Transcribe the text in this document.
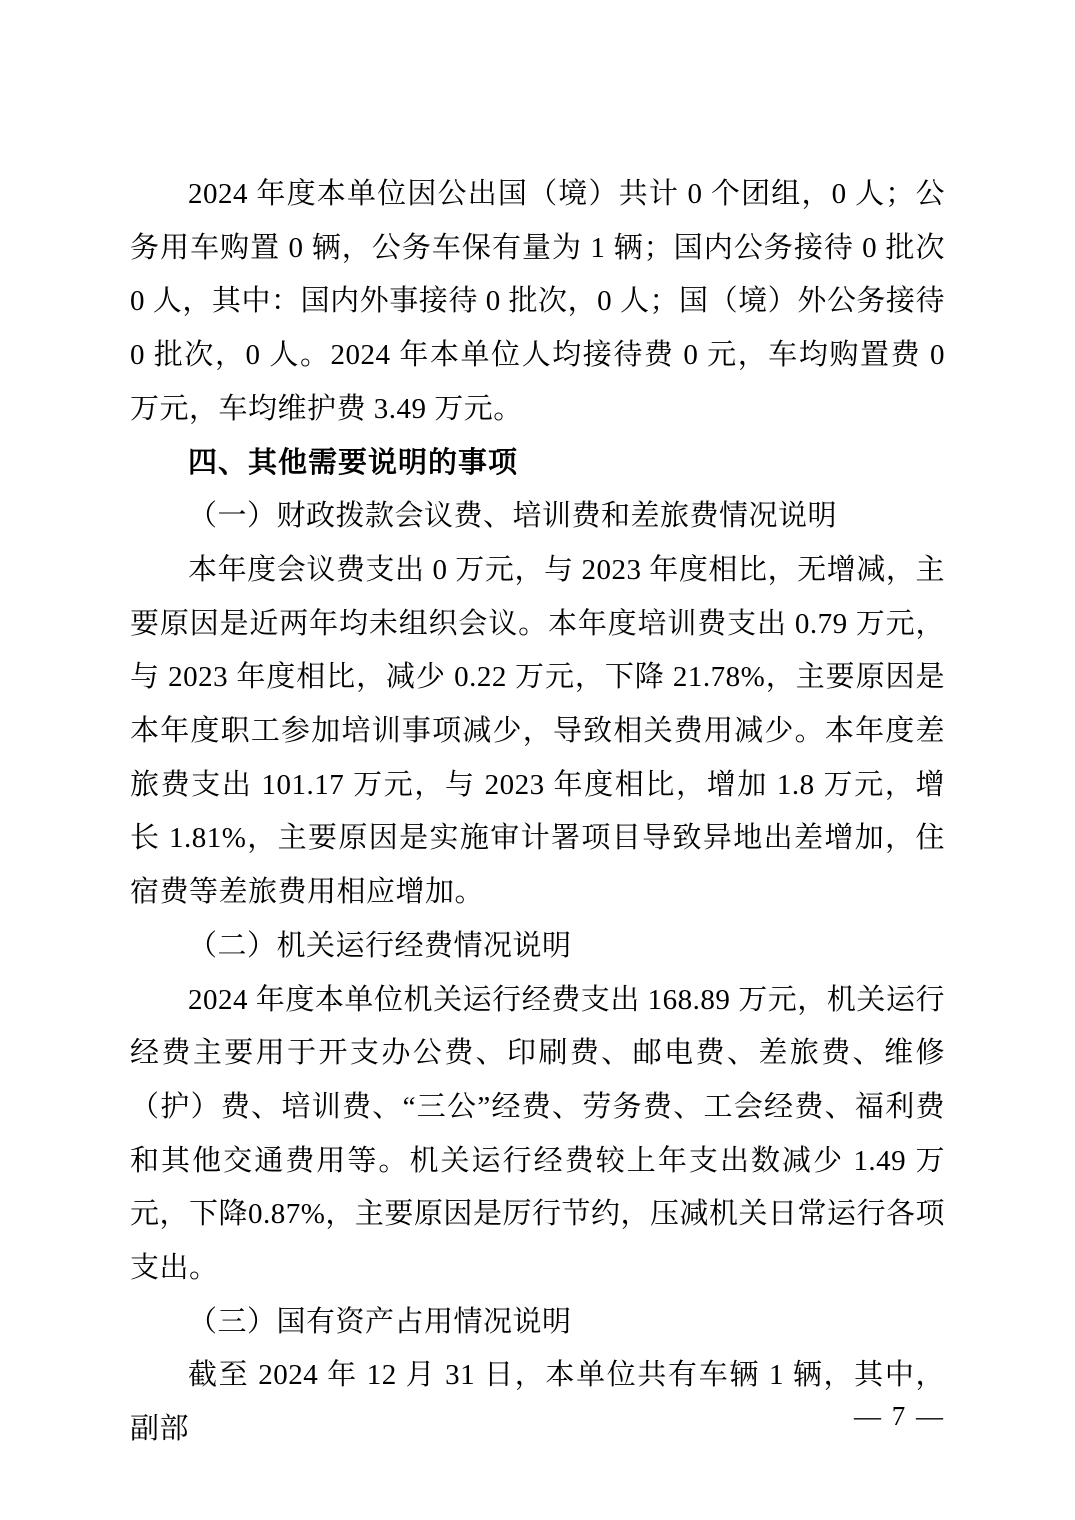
2024 年度本单位因公出国（境）共计 0 个团组，0 人；公务用车购置 0 辆，公务车保有量为 1 辆；国内公务接待 0 批次 0 人，其中：国内外事接待 0 批次，0 人；国（境）外公务接待 0 批次，0 人。2024 年本单位人均接待费 0 元，车均购置费 0 万元，车均维护费 3.49 万元。

四、其他需要说明的事项
（一）财政拨款会议费、培训费和差旅费情况说明

本年度会议费支出 0 万元，与 2023 年度相比，无增减，主要原因是近两年均未组织会议。本年度培训费支出 0.79 万元，与 2023 年度相比，减少 0.22 万元，下降 21.78%，主要原因是本年度职工参加培训事项减少，导致相关费用减少。本年度差旅费支出 101.17 万元，与 2023 年度相比，增加 1.8 万元，增长 1.81%，主要原因是实施审计署项目导致异地出差增加，住宿费等差旅费用相应增加。

（二）机关运行经费情况说明

2024 年度本单位机关运行经费支出 168.89 万元，机关运行经费主要用于开支办公费、印刷费、邮电费、差旅费、维修（护）费、培训费、“三公”经费、劳务费、工会经费、福利费和其他交通费用等。机关运行经费较上年支出数减少 1.49 万元，下降0.87%，主要原因是厉行节约，压减机关日常运行各项支出。

（三）国有资产占用情况说明

截至 2024 年 12 月 31 日，本单位共有车辆 1 辆，其中，副部	— 7 —
